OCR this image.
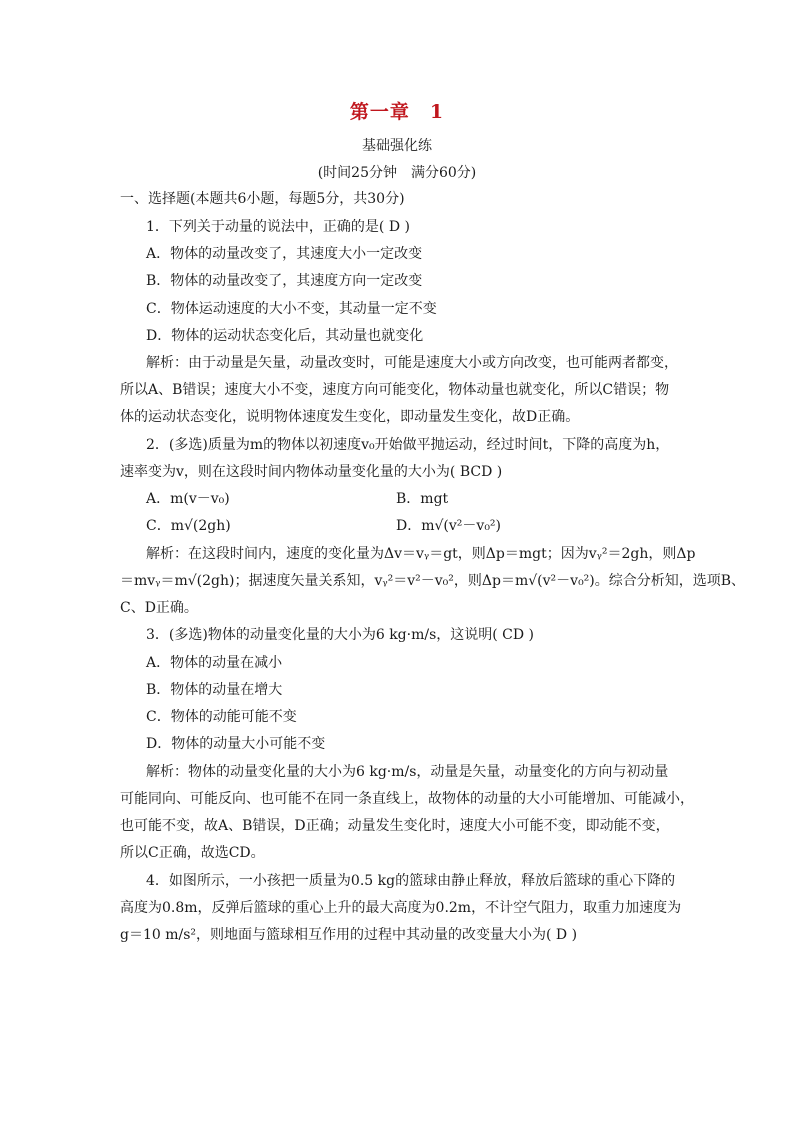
第一章　1
基础强化练
(时间25分钟　满分60分)
一、选择题(本题共6小题，每题5分，共30分)
1．下列关于动量的说法中，正确的是( D )
A．物体的动量改变了，其速度大小一定改变
B．物体的动量改变了，其速度方向一定改变
C．物体运动速度的大小不变，其动量一定不变
D．物体的运动状态变化后，其动量也就变化
解析：由于动量是矢量，动量改变时，可能是速度大小或方向改变，也可能两者都变，
所以A、B错误；速度大小不变，速度方向可能变化，物体动量也就变化，所以C错误；物
体的运动状态变化，说明物体速度发生变化，即动量发生变化，故D正确。
2．(多选)质量为m的物体以初速度v₀开始做平抛运动，经过时间t，下降的高度为h，
速率变为v，则在这段时间内物体动量变化量的大小为( BCD )
A．m(v－v₀)	B．mgt
C．m√(2gh)	D．m√(v²－v₀²)
解析：在这段时间内，速度的变化量为Δv＝vᵧ＝gt，则Δp＝mgt；因为vᵧ²＝2gh，则Δp
＝mvᵧ＝m√(2gh)；据速度矢量关系知，vᵧ²＝v²－v₀²，则Δp＝m√(v²－v₀²)。综合分析知，选项B、
C、D正确。
3．(多选)物体的动量变化量的大小为6 kg·m/s，这说明( CD )
A．物体的动量在减小
B．物体的动量在增大
C．物体的动能可能不变
D．物体的动量大小可能不变
解析：物体的动量变化量的大小为6 kg·m/s，动量是矢量，动量变化的方向与初动量
可能同向、可能反向、也可能不在同一条直线上，故物体的动量的大小可能增加、可能减小，
也可能不变，故A、B错误，D正确；动量发生变化时，速度大小可能不变，即动能不变，
所以C正确，故选CD。
4．如图所示，一小孩把一质量为0.5 kg的篮球由静止释放，释放后篮球的重心下降的
高度为0.8m，反弹后篮球的重心上升的最大高度为0.2m，不计空气阻力，取重力加速度为
g＝10 m/s²，则地面与篮球相互作用的过程中其动量的改变量大小为( D )
